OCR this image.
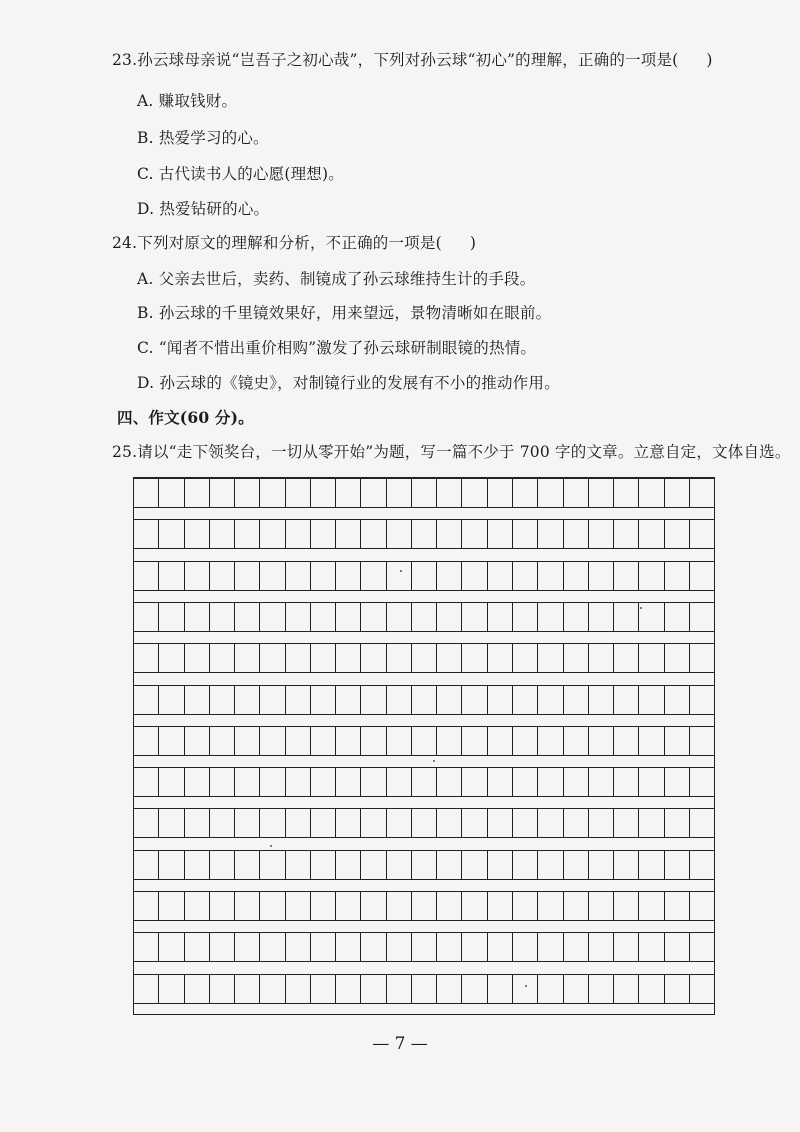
23.孙云球母亲说“岂吾子之初心哉”，下列对孙云球“初心”的理解，正确的一项是( )
A. 赚取钱财。
B. 热爱学习的心。
C. 古代读书人的心愿(理想)。
D. 热爱钻研的心。
24.下列对原文的理解和分析，不正确的一项是( )
A. 父亲去世后，卖药、制镜成了孙云球维持生计的手段。
B. 孙云球的千里镜效果好，用来望远，景物清晰如在眼前。
C. “闻者不惜出重价相购”激发了孙云球研制眼镜的热情。
D. 孙云球的《镜史》，对制镜行业的发展有不小的推动作用。
四、作文(60 分)。
25.请以“走下领奖台，一切从零开始”为题，写一篇不少于 700 字的文章。立意自定，文体自选。
— 7 —
